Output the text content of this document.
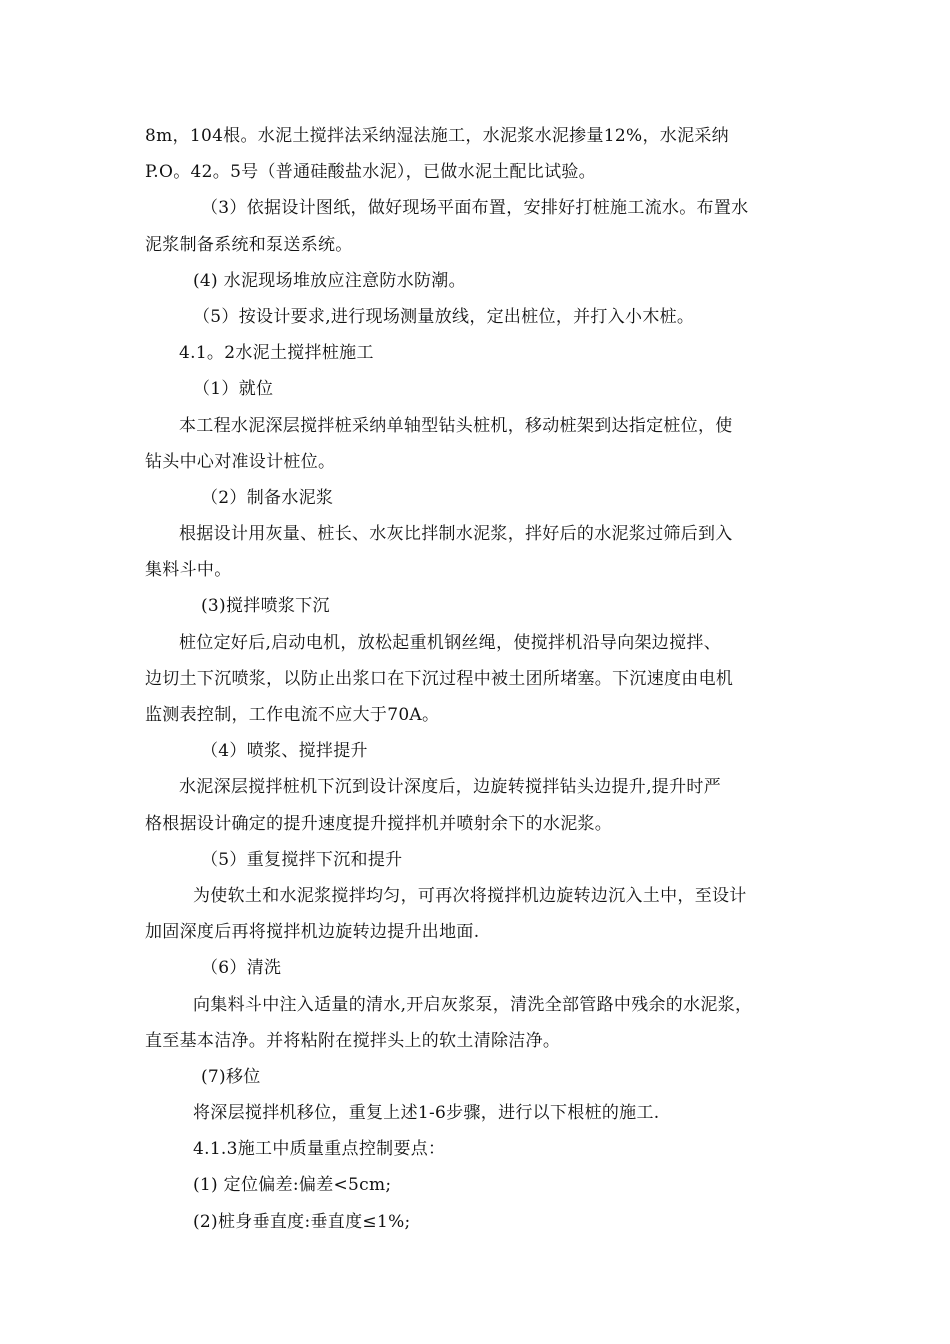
8m，104根。水泥土搅拌法采纳湿法施工，水泥浆水泥掺量12%，水泥采纳
P.O。42。5号（普通硅酸盐水泥），已做水泥土配比试验。
（3）依据设计图纸，做好现场平面布置，安排好打桩施工流水。布置水
泥浆制备系统和泵送系统。
(4) 水泥现场堆放应注意防水防潮。
（5）按设计要求,进行现场测量放线，定出桩位，并打入小木桩。
4.1。2水泥土搅拌桩施工
（1）就位
本工程水泥深层搅拌桩采纳单轴型钻头桩机，移动桩架到达指定桩位，使
钻头中心对准设计桩位。
（2）制备水泥浆
根据设计用灰量、桩长、水灰比拌制水泥浆，拌好后的水泥浆过筛后到入
集料斗中。
(3)搅拌喷浆下沉
桩位定好后,启动电机，放松起重机钢丝绳，使搅拌机沿导向架边搅拌、
边切土下沉喷浆，以防止出浆口在下沉过程中被土团所堵塞。下沉速度由电机
监测表控制，工作电流不应大于70A。
（4）喷浆、搅拌提升
水泥深层搅拌桩机下沉到设计深度后，边旋转搅拌钻头边提升,提升时严
格根据设计确定的提升速度提升搅拌机并喷射余下的水泥浆。
（5）重复搅拌下沉和提升
为使软土和水泥浆搅拌均匀，可再次将搅拌机边旋转边沉入土中，至设计
加固深度后再将搅拌机边旋转边提升出地面.
（6）清洗
向集料斗中注入适量的清水,开启灰浆泵，清洗全部管路中残余的水泥浆，
直至基本洁净。并将粘附在搅拌头上的软土清除洁净。
(7)移位
将深层搅拌机移位，重复上述1-6步骤，进行以下根桩的施工.
4.1.3施工中质量重点控制要点：
(1) 定位偏差:偏差<5cm;
(2)桩身垂直度:垂直度≤1%;
